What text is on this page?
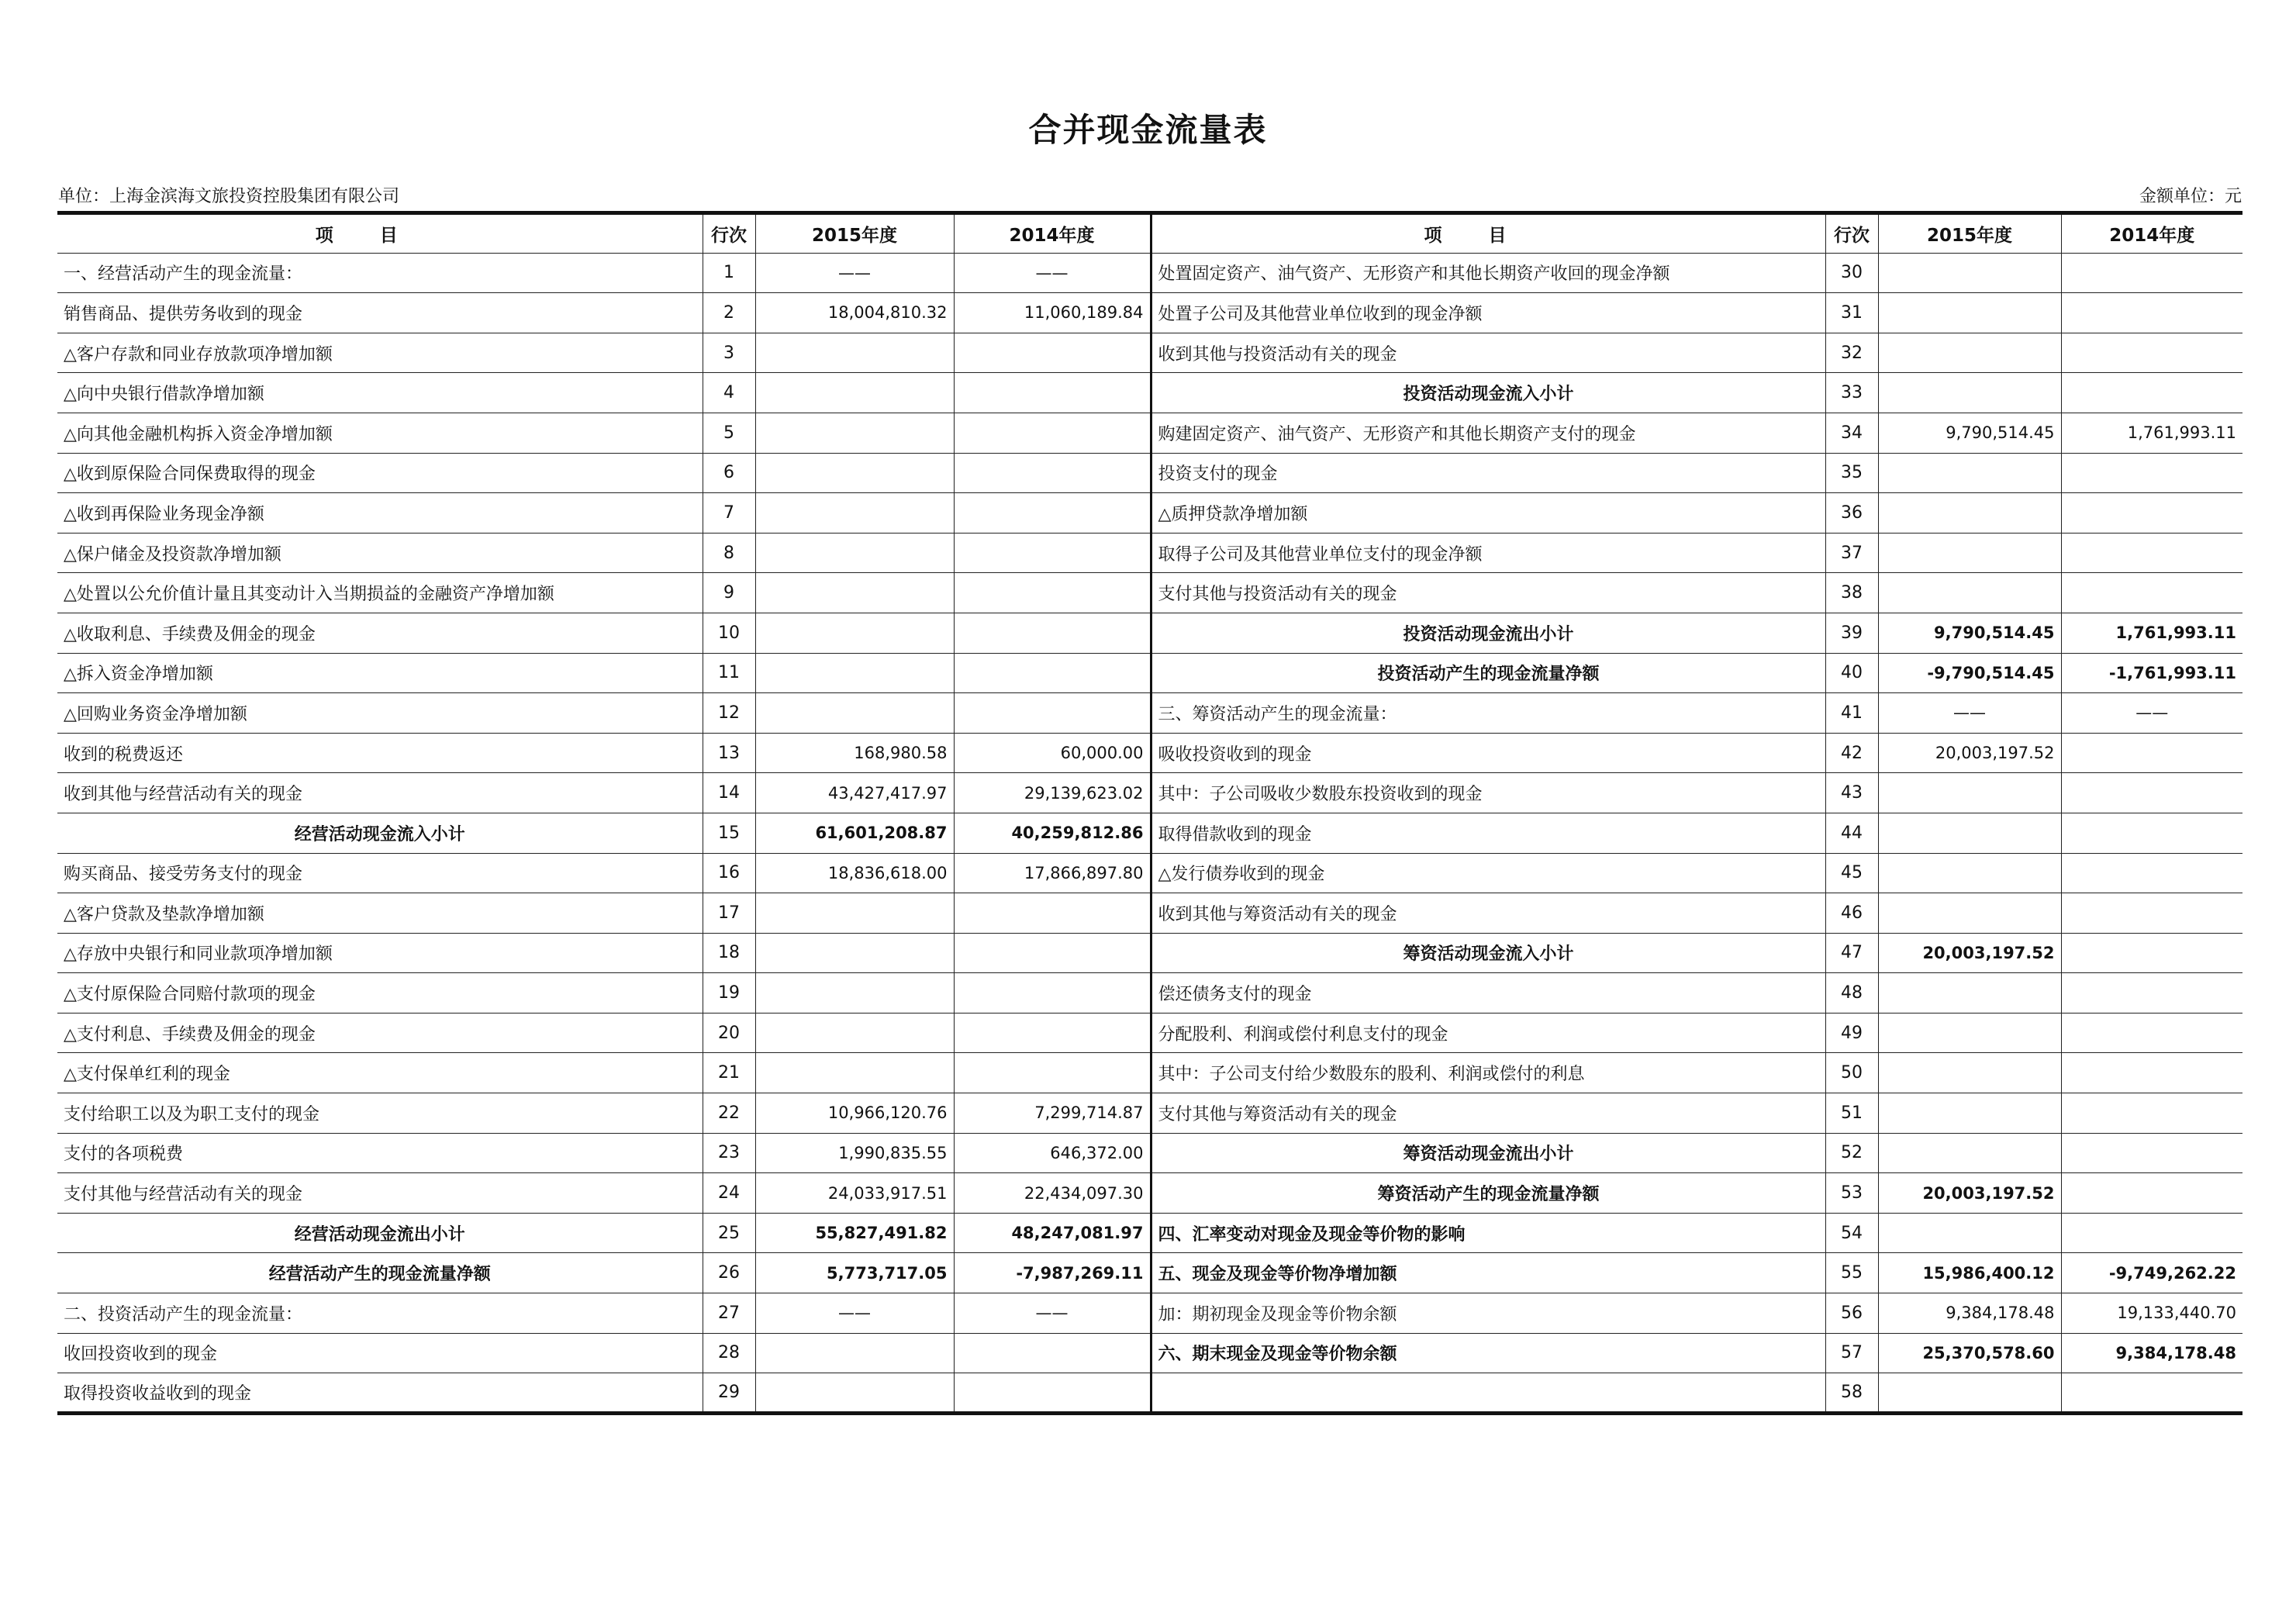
合并现金流量表
单位：上海金滨海文旅投资控股集团有限公司	金额单位：元
项目	行次	2015年度	2014年度	项目	行次	2015年度	2014年度
一、经营活动产生的现金流量：	1	——	——	处置固定资产、油气资产、无形资产和其他长期资产收回的现金净额	30		
销售商品、提供劳务收到的现金	2	18,004,810.32	11,060,189.84	处置子公司及其他营业单位收到的现金净额	31		
△客户存款和同业存放款项净增加额	3			收到其他与投资活动有关的现金	32		
△向中央银行借款净增加额	4			投资活动现金流入小计	33		
△向其他金融机构拆入资金净增加额	5			购建固定资产、油气资产、无形资产和其他长期资产支付的现金	34	9,790,514.45	1,761,993.11
△收到原保险合同保费取得的现金	6			投资支付的现金	35		
△收到再保险业务现金净额	7			△质押贷款净增加额	36		
△保户储金及投资款净增加额	8			取得子公司及其他营业单位支付的现金净额	37		
△处置以公允价值计量且其变动计入当期损益的金融资产净增加额	9			支付其他与投资活动有关的现金	38		
△收取利息、手续费及佣金的现金	10			投资活动现金流出小计	39	9,790,514.45	1,761,993.11
△拆入资金净增加额	11			投资活动产生的现金流量净额	40	-9,790,514.45	-1,761,993.11
△回购业务资金净增加额	12			三、筹资活动产生的现金流量：	41	——	——
收到的税费返还	13	168,980.58	60,000.00	吸收投资收到的现金	42	20,003,197.52	
收到其他与经营活动有关的现金	14	43,427,417.97	29,139,623.02	其中：子公司吸收少数股东投资收到的现金	43		
经营活动现金流入小计	15	61,601,208.87	40,259,812.86	取得借款收到的现金	44		
购买商品、接受劳务支付的现金	16	18,836,618.00	17,866,897.80	△发行债券收到的现金	45		
△客户贷款及垫款净增加额	17			收到其他与筹资活动有关的现金	46		
△存放中央银行和同业款项净增加额	18			筹资活动现金流入小计	47	20,003,197.52	
△支付原保险合同赔付款项的现金	19			偿还债务支付的现金	48		
△支付利息、手续费及佣金的现金	20			分配股利、利润或偿付利息支付的现金	49		
△支付保单红利的现金	21			其中：子公司支付给少数股东的股利、利润或偿付的利息	50		
支付给职工以及为职工支付的现金	22	10,966,120.76	7,299,714.87	支付其他与筹资活动有关的现金	51		
支付的各项税费	23	1,990,835.55	646,372.00	筹资活动现金流出小计	52		
支付其他与经营活动有关的现金	24	24,033,917.51	22,434,097.30	筹资活动产生的现金流量净额	53	20,003,197.52	
经营活动现金流出小计	25	55,827,491.82	48,247,081.97	四、汇率变动对现金及现金等价物的影响	54		
经营活动产生的现金流量净额	26	5,773,717.05	-7,987,269.11	五、现金及现金等价物净增加额	55	15,986,400.12	-9,749,262.22
二、投资活动产生的现金流量：	27	——	——	加：期初现金及现金等价物余额	56	9,384,178.48	19,133,440.70
收回投资收到的现金	28			六、期末现金及现金等价物余额	57	25,370,578.60	9,384,178.48
取得投资收益收到的现金	29				58		
